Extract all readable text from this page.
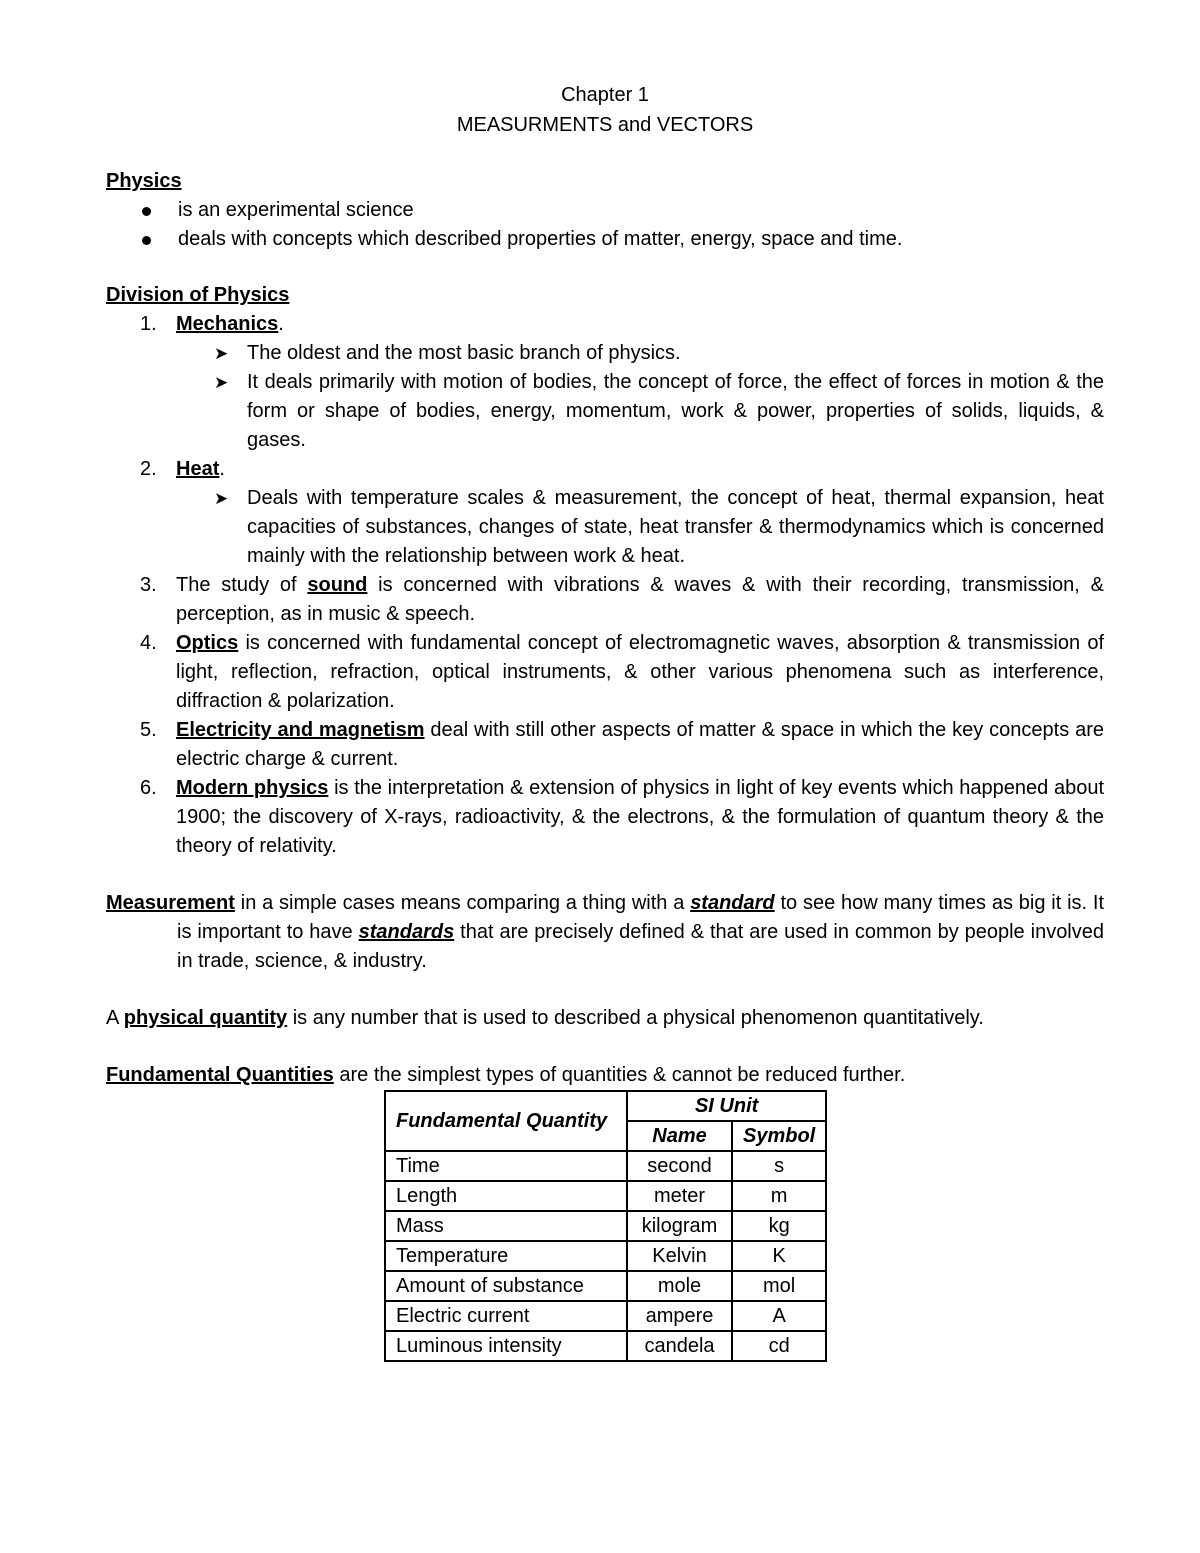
Chapter 1
MEASURMENTS and VECTORS
Physics
is an experimental science
deals with concepts which described properties of matter, energy, space and time.
Division of Physics
1. Mechanics.
➤ The oldest and the most basic branch of physics.
➤ It deals primarily with motion of bodies, the concept of force, the effect of forces in motion & the form or shape of bodies, energy, momentum, work & power, properties of solids, liquids, & gases.
2. Heat.
➤ Deals with temperature scales & measurement, the concept of heat, thermal expansion, heat capacities of substances, changes of state, heat transfer & thermodynamics which is concerned mainly with the relationship between work & heat.
3. The study of sound is concerned with vibrations & waves & with their recording, transmission, & perception, as in music & speech.
4. Optics is concerned with fundamental concept of electromagnetic waves, absorption & transmission of light, reflection, refraction, optical instruments, & other various phenomena such as interference, diffraction & polarization.
5. Electricity and magnetism deal with still other aspects of matter & space in which the key concepts are electric charge & current.
6. Modern physics is the interpretation & extension of physics in light of key events which happened about 1900; the discovery of X-rays, radioactivity, & the electrons, & the formulation of quantum theory & the theory of relativity.
Measurement in a simple cases means comparing a thing with a standard to see how many times as big it is. It is important to have standards that are precisely defined & that are used in common by people involved in trade, science, & industry.
A physical quantity is any number that is used to described a physical phenomenon quantitatively.
Fundamental Quantities are the simplest types of quantities & cannot be reduced further.
Fundamental Quantity	SI Unit	
	Name	Symbol
Time	second	s
Length	meter	m
Mass	kilogram	kg
Temperature	Kelvin	K
Amount of substance	mole	mol
Electric current	ampere	A
Luminous intensity	candela	cd
